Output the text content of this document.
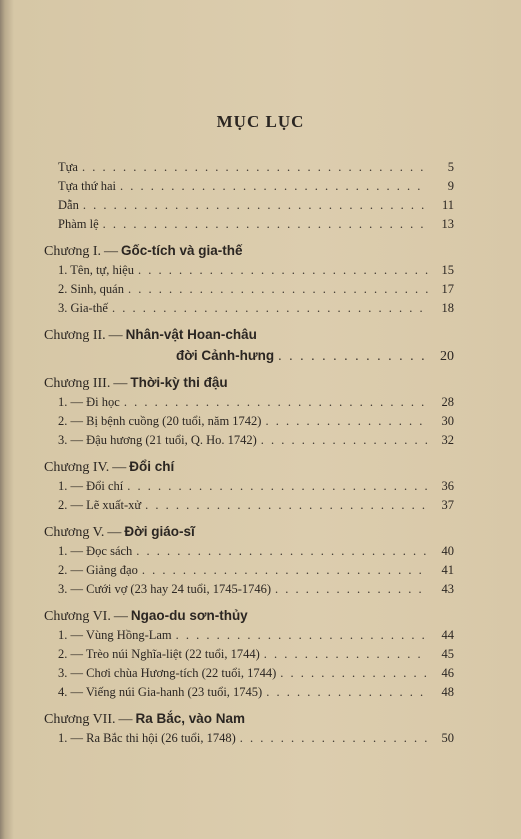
MỤC LỤC
Tựa . . .	5
Tựa thứ hai . . .	9
Dẫn . . .	11
Phàm lệ . . .	13
Chương I. — Gốc-tích và gia-thế
1. Tên, tự, hiệu . . .	15
2. Sinh, quán . . .	17
3. Gia-thế . . .	18
Chương II. — Nhân-vật Hoan-châu
đời Cảnh-hưng . . .	20
Chương III. — Thời-kỳ thi đậu
1. — Đi học . . .	28
2. — Bị bệnh cuồng (20 tuổi, năm 1742) . . .	30
3. — Đậu hương (21 tuổi, Q. Ho. 1742) . . .	32
Chương IV. — Đổi chí
1. — Đổi chí . . .	36
2. — Lẽ xuất-xử . . .	37
Chương V. — Đời giáo-sĩ
1. — Đọc sách . . .	40
2. — Giảng đạo . . .	41
3. — Cưới vợ (23 hay 24 tuổi, 1745-1746) . . .	43
Chương VI. — Ngao-du sơn-thủy
1. — Vùng Hồng-Lam . . .	44
2. — Trèo núi Nghĩa-liệt (22 tuổi, 1744) . . .	45
3. — Chơi chùa Hương-tích (22 tuổi, 1744) . . .	46
4. — Viếng núi Gia-hanh (23 tuổi, 1745) . . .	48
Chương VII. — Ra Bắc, vào Nam
1. — Ra Bắc thi hội (26 tuổi, 1748) . . .	50
